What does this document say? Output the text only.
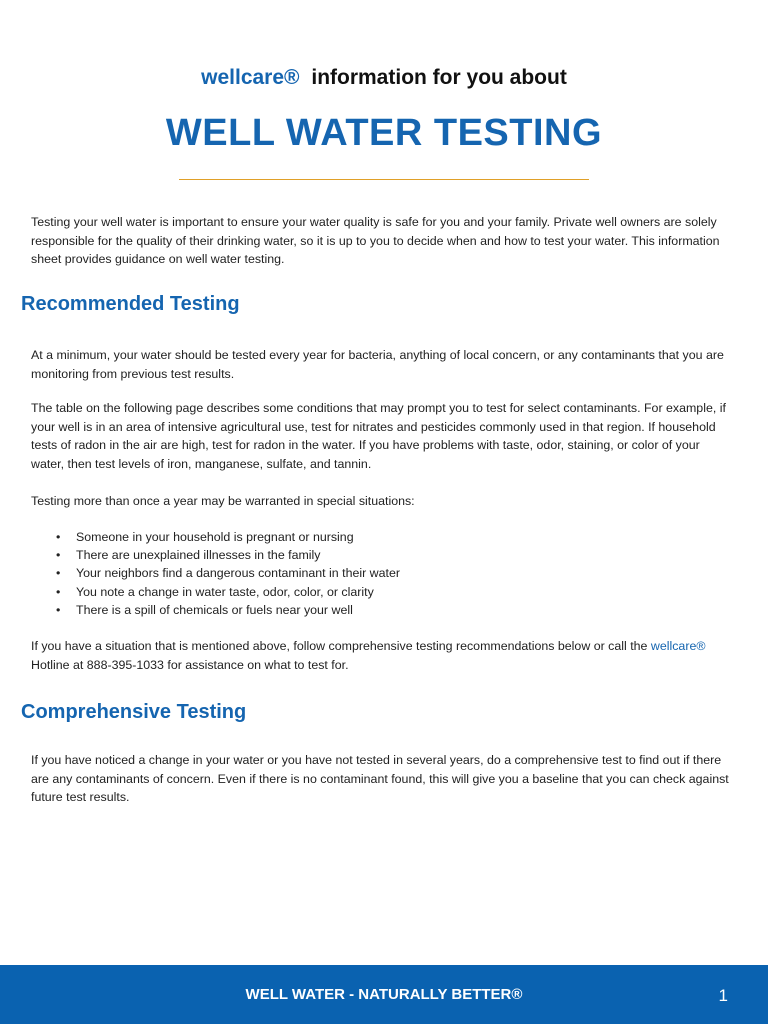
wellcare® information for you about
WELL WATER TESTING

Testing your well water is important to ensure your water quality is safe for you and your family. Private well owners are solely responsible for the quality of their drinking water, so it is up to you to decide when and how to test your water. This information sheet provides guidance on well water testing.

Recommended Testing

At a minimum, your water should be tested every year for bacteria, anything of local concern, or any contaminants that you are monitoring from previous test results.

The table on the following page describes some conditions that may prompt you to test for select contaminants. For example, if your well is in an area of intensive agricultural use, test for nitrates and pesticides commonly used in that region. If household tests of radon in the air are high, test for radon in the water. If you have problems with taste, odor, staining, or color of your water, then test levels of iron, manganese, sulfate, and tannin.

Testing more than once a year may be warranted in special situations:

• Someone in your household is pregnant or nursing
• There are unexplained illnesses in the family
• Your neighbors find a dangerous contaminant in their water
• You note a change in water taste, odor, color, or clarity
• There is a spill of chemicals or fuels near your well

If you have a situation that is mentioned above, follow comprehensive testing recommendations below or call the wellcare® Hotline at 888-395-1033 for assistance on what to test for.

Comprehensive Testing

If you have noticed a change in your water or you have not tested in several years, do a comprehensive test to find out if there are any contaminants of concern. Even if there is no contaminant found, this will give you a baseline that you can check against future test results.

WELL WATER - NATURALLY BETTER®	1
